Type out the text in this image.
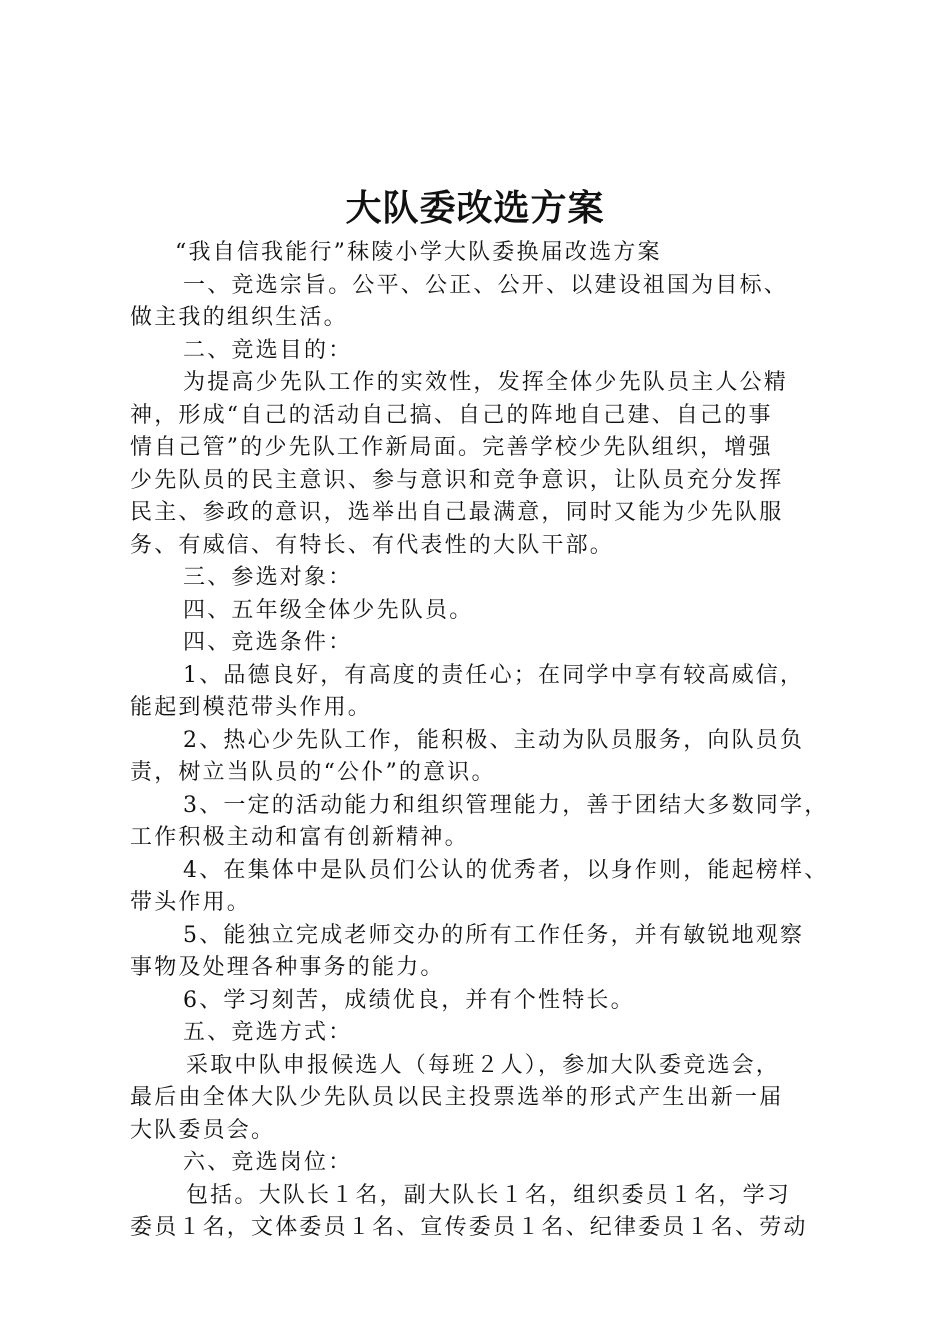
大队委改选方案
“我自信我能行”秣陵小学大队委换届改选方案
一、竞选宗旨。公平、公正、公开、以建设祖国为目标、
做主我的组织生活。
二、竞选目的：
为提高少先队工作的实效性，发挥全体少先队员主人公精
神，形成“自己的活动自己搞、自己的阵地自己建、自己的事
情自己管”的少先队工作新局面。完善学校少先队组织，增强
少先队员的民主意识、参与意识和竞争意识，让队员充分发挥
民主、参政的意识，选举出自己最满意，同时又能为少先队服
务、有威信、有特长、有代表性的大队干部。
三、参选对象：
四、五年级全体少先队员。
四、竞选条件：
1、品德良好，有高度的责任心；在同学中享有较高威信，
能起到模范带头作用。
2、热心少先队工作，能积极、主动为队员服务，向队员负
责，树立当队员的“公仆”的意识。
3、一定的活动能力和组织管理能力，善于团结大多数同学，
工作积极主动和富有创新精神。
4、在集体中是队员们公认的优秀者，以身作则，能起榜样、
带头作用。
5、能独立完成老师交办的所有工作任务，并有敏锐地观察
事物及处理各种事务的能力。
6、学习刻苦，成绩优良，并有个性特长。
五、竞选方式：
采取中队申报候选人（每班２人），参加大队委竞选会，
最后由全体大队少先队员以民主投票选举的形式产生出新一届
大队委员会。
六、竞选岗位：
包括。大队长１名，副大队长１名，组织委员１名，学习
委员１名，文体委员１名、宣传委员１名、纪律委员１名、劳动
